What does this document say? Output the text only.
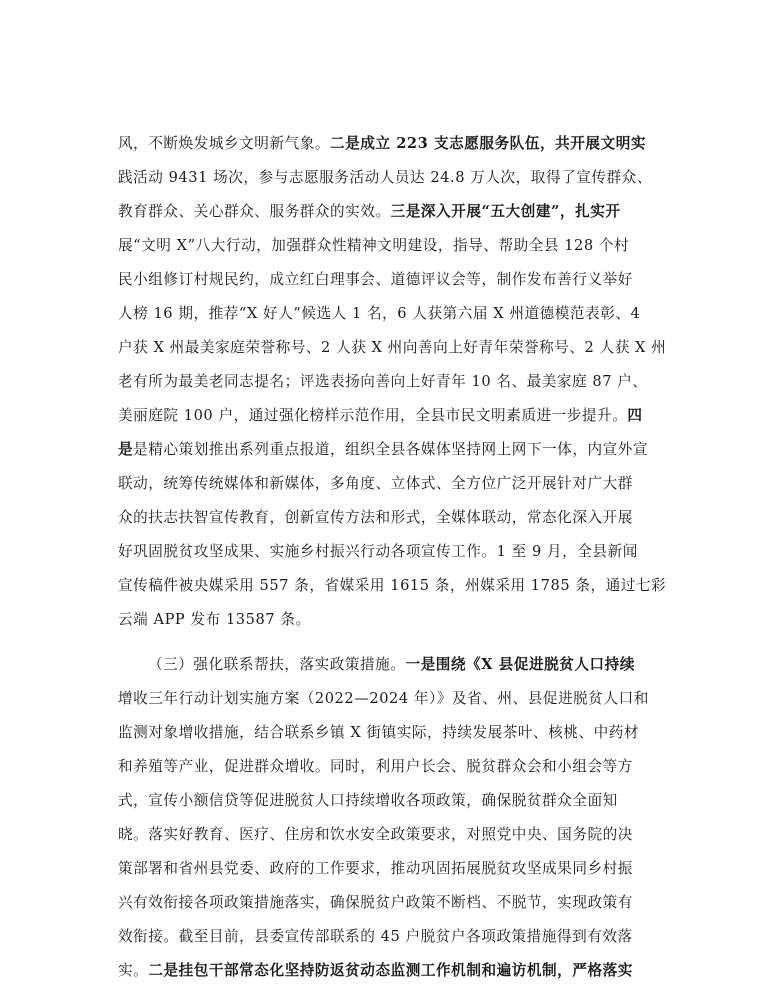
风，不断焕发城乡文明新气象。二是成立 223 支志愿服务队伍，共开展文明实
践活动 9431 场次，参与志愿服务活动人员达 24.8 万人次，取得了宣传群众、
教育群众、关心群众、服务群众的实效。三是深入开展“五大创建”，扎实开
展“文明 X”八大行动，加强群众性精神文明建设，指导、帮助全县 128 个村
民小组修订村规民约，成立红白理事会、道德评议会等，制作发布善行义举好
人榜 16 期，推荐“X 好人”候选人 1 名，6 人获第六届 X 州道德模范表彰、4
户获 X 州最美家庭荣誉称号、2 人获 X 州向善向上好青年荣誉称号、2 人获 X 州
老有所为最美老同志提名；评选表扬向善向上好青年 10 名、最美家庭 87 户、
美丽庭院 100 户，通过强化榜样示范作用，全县市民文明素质进一步提升。四
是是精心策划推出系列重点报道，组织全县各媒体坚持网上网下一体，内宣外宣
联动，统筹传统媒体和新媒体，多角度、立体式、全方位广泛开展针对广大群
众的扶志扶智宣传教育，创新宣传方法和形式，全媒体联动，常态化深入开展
好巩固脱贫攻坚成果、实施乡村振兴行动各项宣传工作。1 至 9 月，全县新闻
宣传稿件被央媒采用 557 条，省媒采用 1615 条，州媒采用 1785 条，通过七彩
云端 APP 发布 13587 条。
（三）强化联系帮扶，落实政策措施。一是围绕《X 县促进脱贫人口持续
增收三年行动计划实施方案（2022—2024 年）》及省、州、县促进脱贫人口和
监测对象增收措施，结合联系乡镇 X 街镇实际，持续发展茶叶、核桃、中药材
和养殖等产业，促进群众增收。同时，利用户长会、脱贫群众会和小组会等方
式，宣传小额信贷等促进脱贫人口持续增收各项政策，确保脱贫群众全面知
晓。落实好教育、医疗、住房和饮水安全政策要求，对照党中央、国务院的决
策部署和省州县党委、政府的工作要求，推动巩固拓展脱贫攻坚成果同乡村振
兴有效衔接各项政策措施落实，确保脱贫户政策不断档、不脱节，实现政策有
效衔接。截至目前，县委宣传部联系的 45 户脱贫户各项政策措施得到有效落
实。二是挂包干部常态化坚持防返贫动态监测工作机制和遍访机制，严格落实
